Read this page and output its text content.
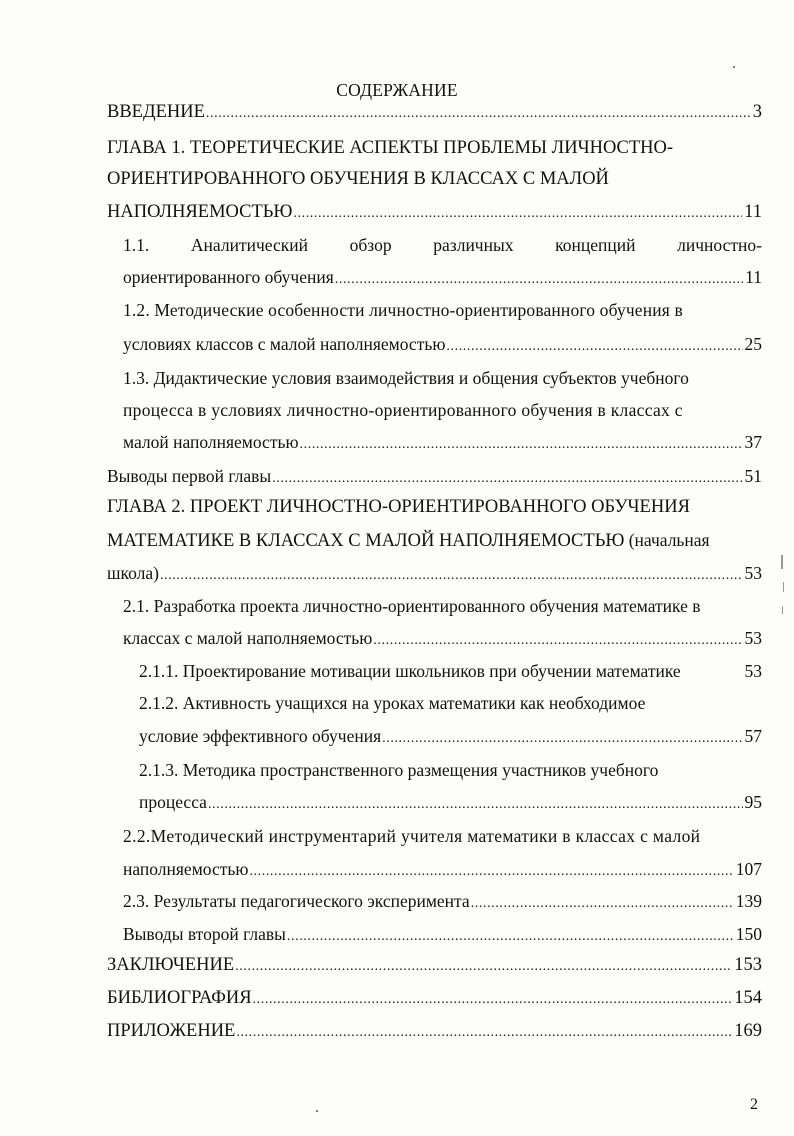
СОДЕРЖАНИЕ
ВВЕДЕНИЕ .....	3
ГЛАВА 1. ТЕОРЕТИЧЕСКИЕ АСПЕКТЫ ПРОБЛЕМЫ ЛИЧНОСТНО-
ОРИЕНТИРОВАННОГО ОБУЧЕНИЯ В КЛАССАХ С МАЛОЙ
НАПОЛНЯЕМОСТЬЮ .....	11
1.1. Аналитический обзор различных концепций личностно-
ориентированного обучения .....	11
1.2. Методические особенности личностно-ориентированного обучения в
условиях классов с малой наполняемостью .....	25
1.3. Дидактические условия взаимодействия и общения субъектов учебного
процесса в условиях личностно-ориентированного обучения в классах с
малой наполняемостью .....	37
Выводы первой главы .....	51
ГЛАВА 2. ПРОЕКТ ЛИЧНОСТНО-ОРИЕНТИРОВАННОГО ОБУЧЕНИЯ
МАТЕМАТИКЕ В КЛАССАХ С МАЛОЙ НАПОЛНЯЕМОСТЬЮ (начальная
школа) .....	53
2.1. Разработка проекта личностно-ориентированного обучения математике в
классах с малой наполняемостью .....	53
2.1.1. Проектирование мотивации школьников при обучении математике	53
2.1.2. Активность учащихся на уроках математики как необходимое
условие эффективного обучения .....	57
2.1.3. Методика пространственного размещения участников учебного
процесса .....	95
2.2.Методический инструментарий учителя математики в классах с малой
наполняемостью .....	107
2.3. Результаты педагогического эксперимента .....	139
Выводы второй главы .....	150
ЗАКЛЮЧЕНИЕ .....	153
БИБЛИОГРАФИЯ .....	154
ПРИЛОЖЕНИЕ .....	169
2
